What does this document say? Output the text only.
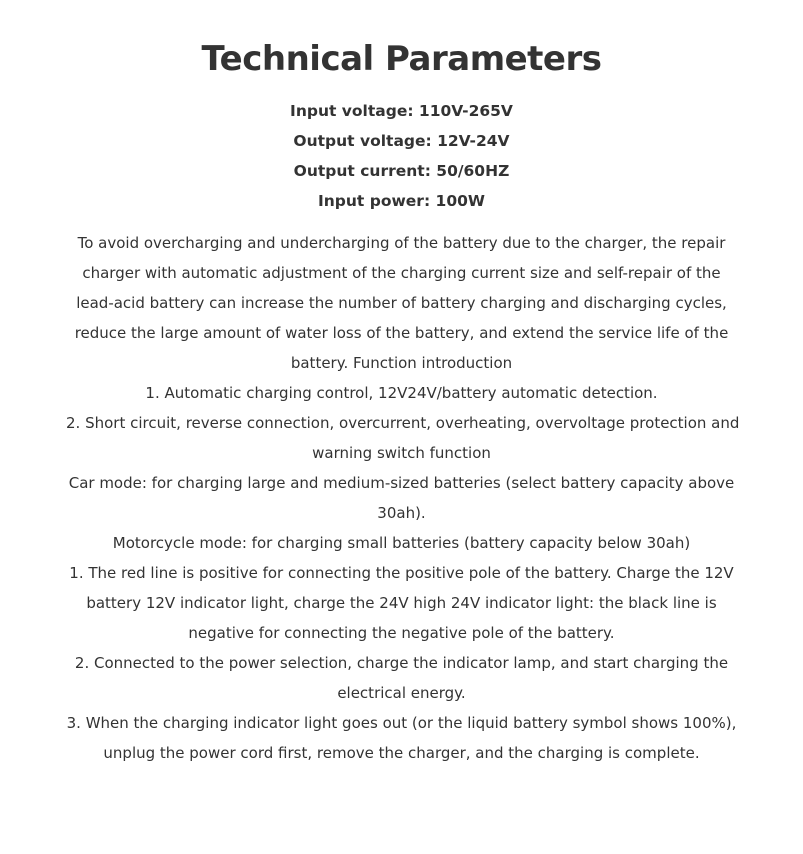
Technical Parameters
Input voltage: 110V-265V
Output voltage: 12V-24V
Output current: 50/60HZ
Input power: 100W
To avoid overcharging and undercharging of the battery due to the charger, the repair
charger with automatic adjustment of the charging current size and self-repair of the
lead-acid battery can increase the number of battery charging and discharging cycles,
reduce the large amount of water loss of the battery, and extend the service life of the
battery. Function introduction
1. Automatic charging control, 12V24V/battery automatic detection.
2. Short circuit, reverse connection, overcurrent, overheating, overvoltage protection and
warning switch function
Car mode: for charging large and medium-sized batteries (select battery capacity above
30ah).
Motorcycle mode: for charging small batteries (battery capacity below 30ah)
1. The red line is positive for connecting the positive pole of the battery. Charge the 12V
battery 12V indicator light, charge the 24V high 24V indicator light: the black line is
negative for connecting the negative pole of the battery.
2. Connected to the power selection, charge the indicator lamp, and start charging the
electrical energy.
3. When the charging indicator light goes out (or the liquid battery symbol shows 100%),
unplug the power cord first, remove the charger, and the charging is complete.
